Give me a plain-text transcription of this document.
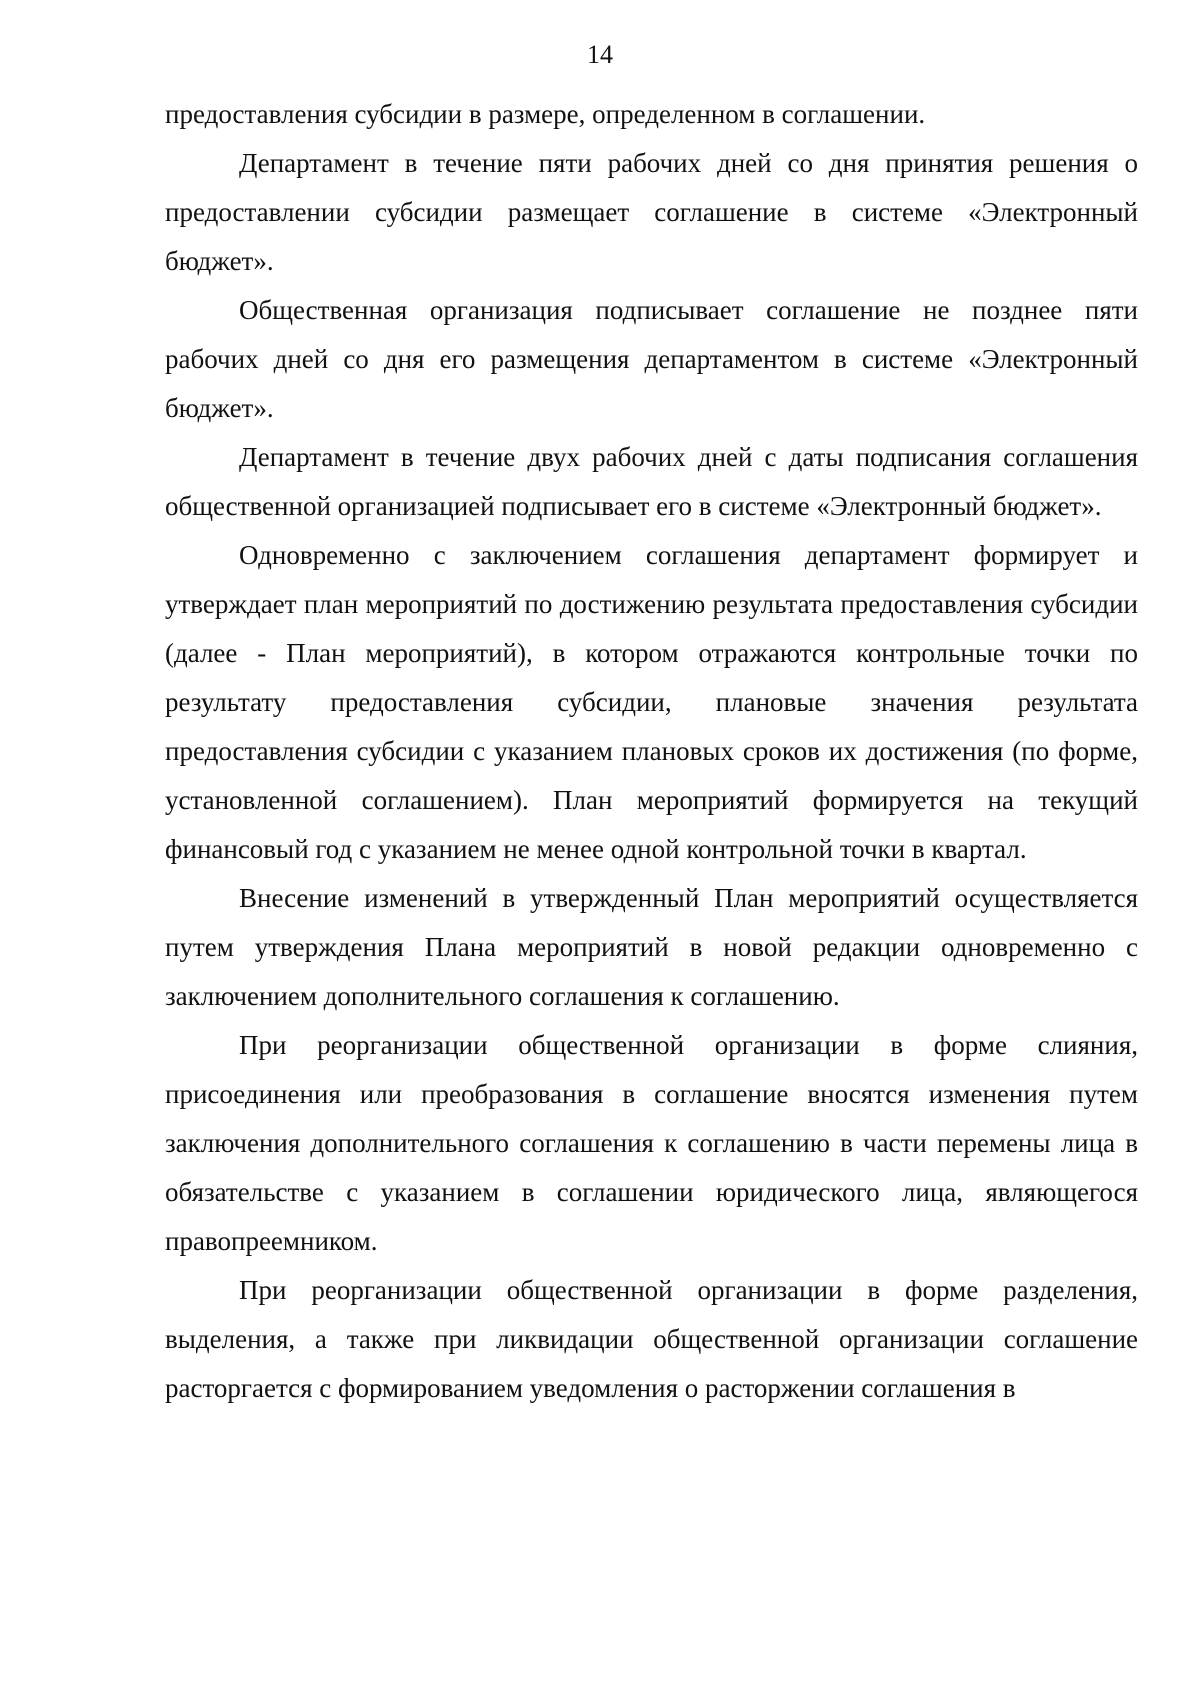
14

предоставления субсидии в размере, определенном в соглашении.

Департамент в течение пяти рабочих дней со дня принятия решения о предоставлении субсидии размещает соглашение в системе «Электронный бюджет».

Общественная организация подписывает соглашение не позднее пяти рабочих дней со дня его размещения департаментом в системе «Электронный бюджет».

Департамент в течение двух рабочих дней с даты подписания соглашения общественной организацией подписывает его в системе «Электронный бюджет».

Одновременно с заключением соглашения департамент формирует и утверждает план мероприятий по достижению результата предоставления субсидии (далее - План мероприятий), в котором отражаются контрольные точки по результату предоставления субсидии, плановые значения результата предоставления субсидии с указанием плановых сроков их достижения (по форме, установленной соглашением). План мероприятий формируется на текущий финансовый год с указанием не менее одной контрольной точки в квартал.

Внесение изменений в утвержденный План мероприятий осуществляется путем утверждения Плана мероприятий в новой редакции одновременно с заключением дополнительного соглашения к соглашению.

При реорганизации общественной организации в форме слияния, присоединения или преобразования в соглашение вносятся изменения путем заключения дополнительного соглашения к соглашению в части перемены лица в обязательстве с указанием в соглашении юридического лица, являющегося правопреемником.

При реорганизации общественной организации в форме разделения, выделения, а также при ликвидации общественной организации соглашение расторгается с формированием уведомления о расторжении соглашения в
